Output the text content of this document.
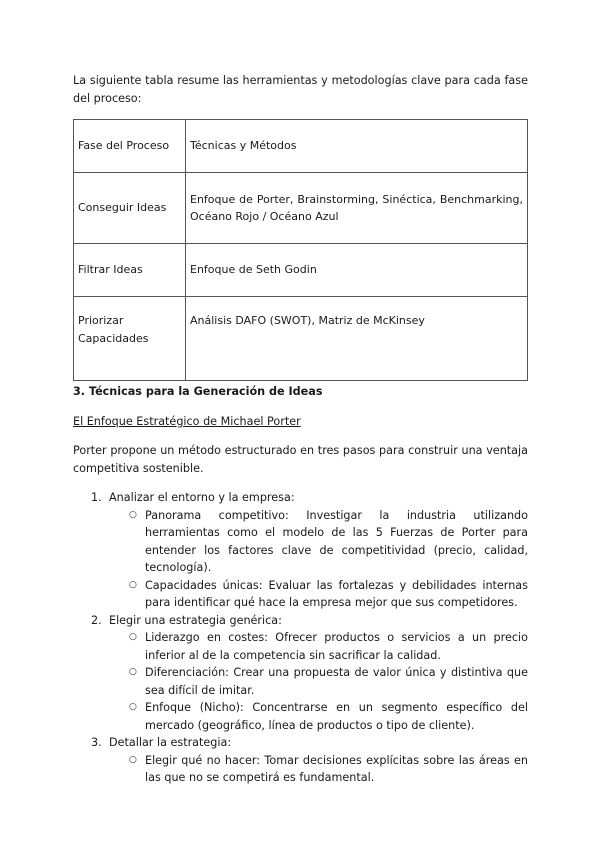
La siguiente tabla resume las herramientas y metodologías clave para cada fase del proceso:

Fase del Proceso	Técnicas y Métodos
Conseguir Ideas	Enfoque de Porter, Brainstorming, Sinéctica, Benchmarking, Océano Rojo / Océano Azul
Filtrar Ideas	Enfoque de Seth Godin
Priorizar Capacidades	Análisis DAFO (SWOT), Matriz de McKinsey
3. Técnicas para la Generación de Ideas
El Enfoque Estratégico de Michael Porter

Porter propone un método estructurado en tres pasos para construir una ventaja competitiva sostenible.

1. Analizar el entorno y la empresa:
○ Panorama competitivo: Investigar la industria utilizando herramientas como el modelo de las 5 Fuerzas de Porter para entender los factores clave de competitividad (precio, calidad, tecnología).
○ Capacidades únicas: Evaluar las fortalezas y debilidades internas para identificar qué hace la empresa mejor que sus competidores.
2. Elegir una estrategia genérica:
○ Liderazgo en costes: Ofrecer productos o servicios a un precio inferior al de la competencia sin sacrificar la calidad.
○ Diferenciación: Crear una propuesta de valor única y distintiva que sea difícil de imitar.
○ Enfoque (Nicho): Concentrarse en un segmento específico del mercado (geográfico, línea de productos o tipo de cliente).
3. Detallar la estrategia:
○ Elegir qué no hacer: Tomar decisiones explícitas sobre las áreas en las que no se competirá es fundamental.
